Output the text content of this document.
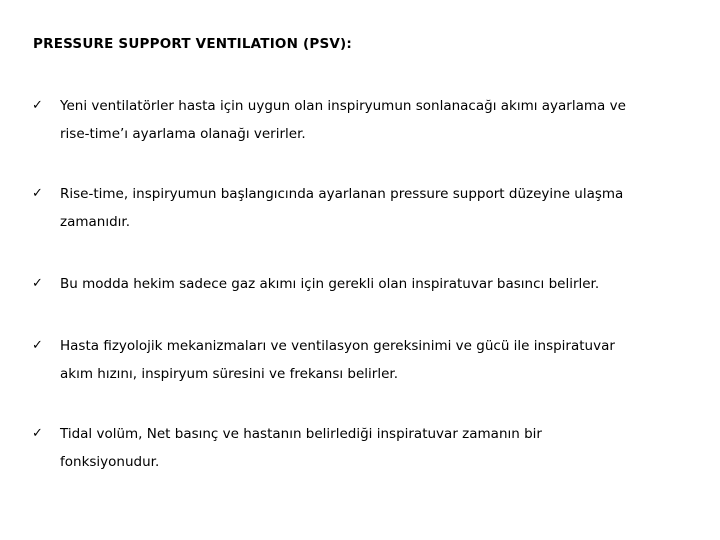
PRESSURE SUPPORT VENTILATION (PSV):
✓ Yeni ventilatörler hasta için uygun olan inspiryumun sonlanacağı akımı ayarlama ve
rise-time’ı ayarlama olanağı verirler.
✓ Rise-time, inspiryumun başlangıcında ayarlanan pressure support düzeyine ulaşma
zamanıdır.
✓ Bu modda hekim sadece gaz akımı için gerekli olan inspiratuvar basıncı belirler.
✓ Hasta fizyolojik mekanizmaları ve ventilasyon gereksinimi ve gücü ile inspiratuvar
akım hızını, inspiryum süresini ve frekansı belirler.
✓ Tidal volüm, Net basınç ve hastanın belirlediği inspiratuvar zamanın bir
fonksiyonudur.
